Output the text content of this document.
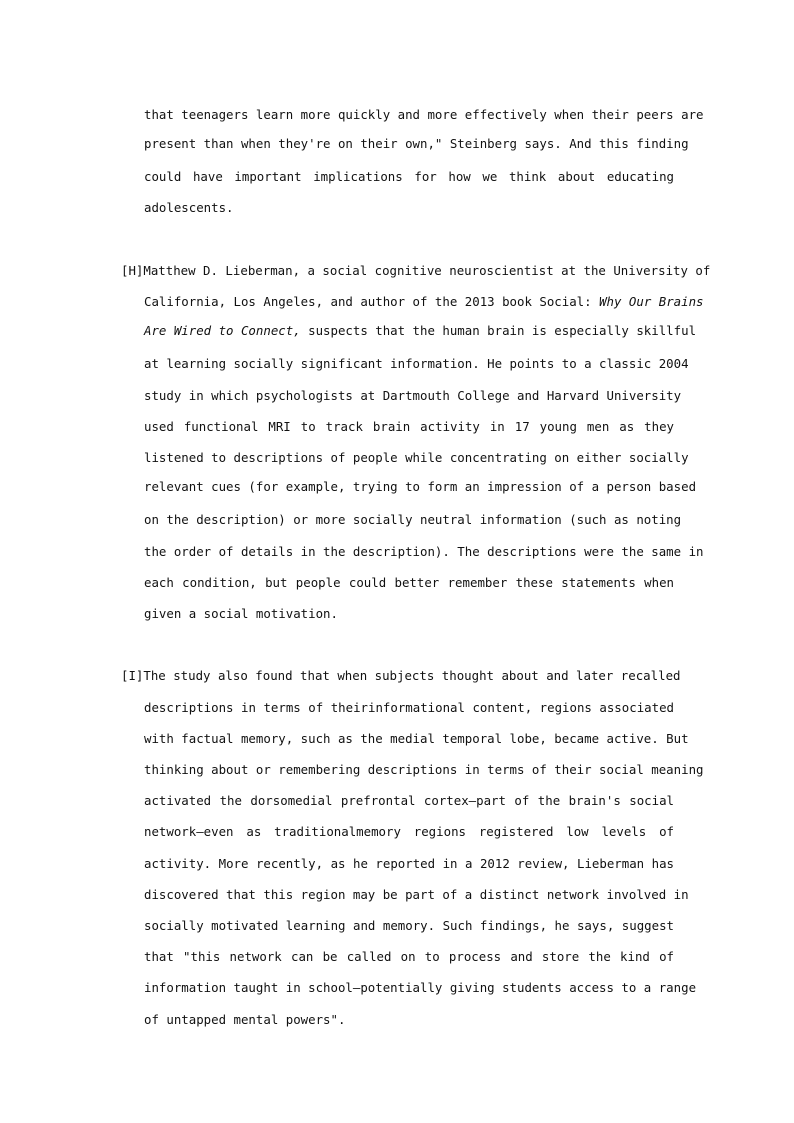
that teenagers learn more quickly and more effectively when their peers are
present than when they're on their own," Steinberg says. And this finding
could have important implications for how we think about educating
adolescents.
[H]Matthew D. Lieberman, a social cognitive neuroscientist at the University of
California, Los Angeles, and author of the 2013 book Social: Why Our Brains
Are Wired to Connect, suspects that the human brain is especially skillful
at learning socially significant information. He points to a classic 2004
study in which psychologists at Dartmouth College and Harvard University
used functional MRI to track brain activity in 17 young men as they
listened to descriptions of people while concentrating on either socially
relevant cues (for example, trying to form an impression of a person based
on the description) or more socially neutral information (such as noting
the order of details in the description). The descriptions were the same in
each condition, but people could better remember these statements when
given a social motivation.
[I]The study also found that when subjects thought about and later recalled
descriptions in terms of theirinformational content, regions associated
with factual memory, such as the medial temporal lobe, became active. But
thinking about or remembering descriptions in terms of their social meaning
activated the dorsomedial prefrontal cortex—part of the brain's social
network—even as traditionalmemory regions registered low levels of
activity. More recently, as he reported in a 2012 review, Lieberman has
discovered that this region may be part of a distinct network involved in
socially motivated learning and memory. Such findings, he says, suggest
that "this network can be called on to process and store the kind of
information taught in school—potentially giving students access to a range
of untapped mental powers".
